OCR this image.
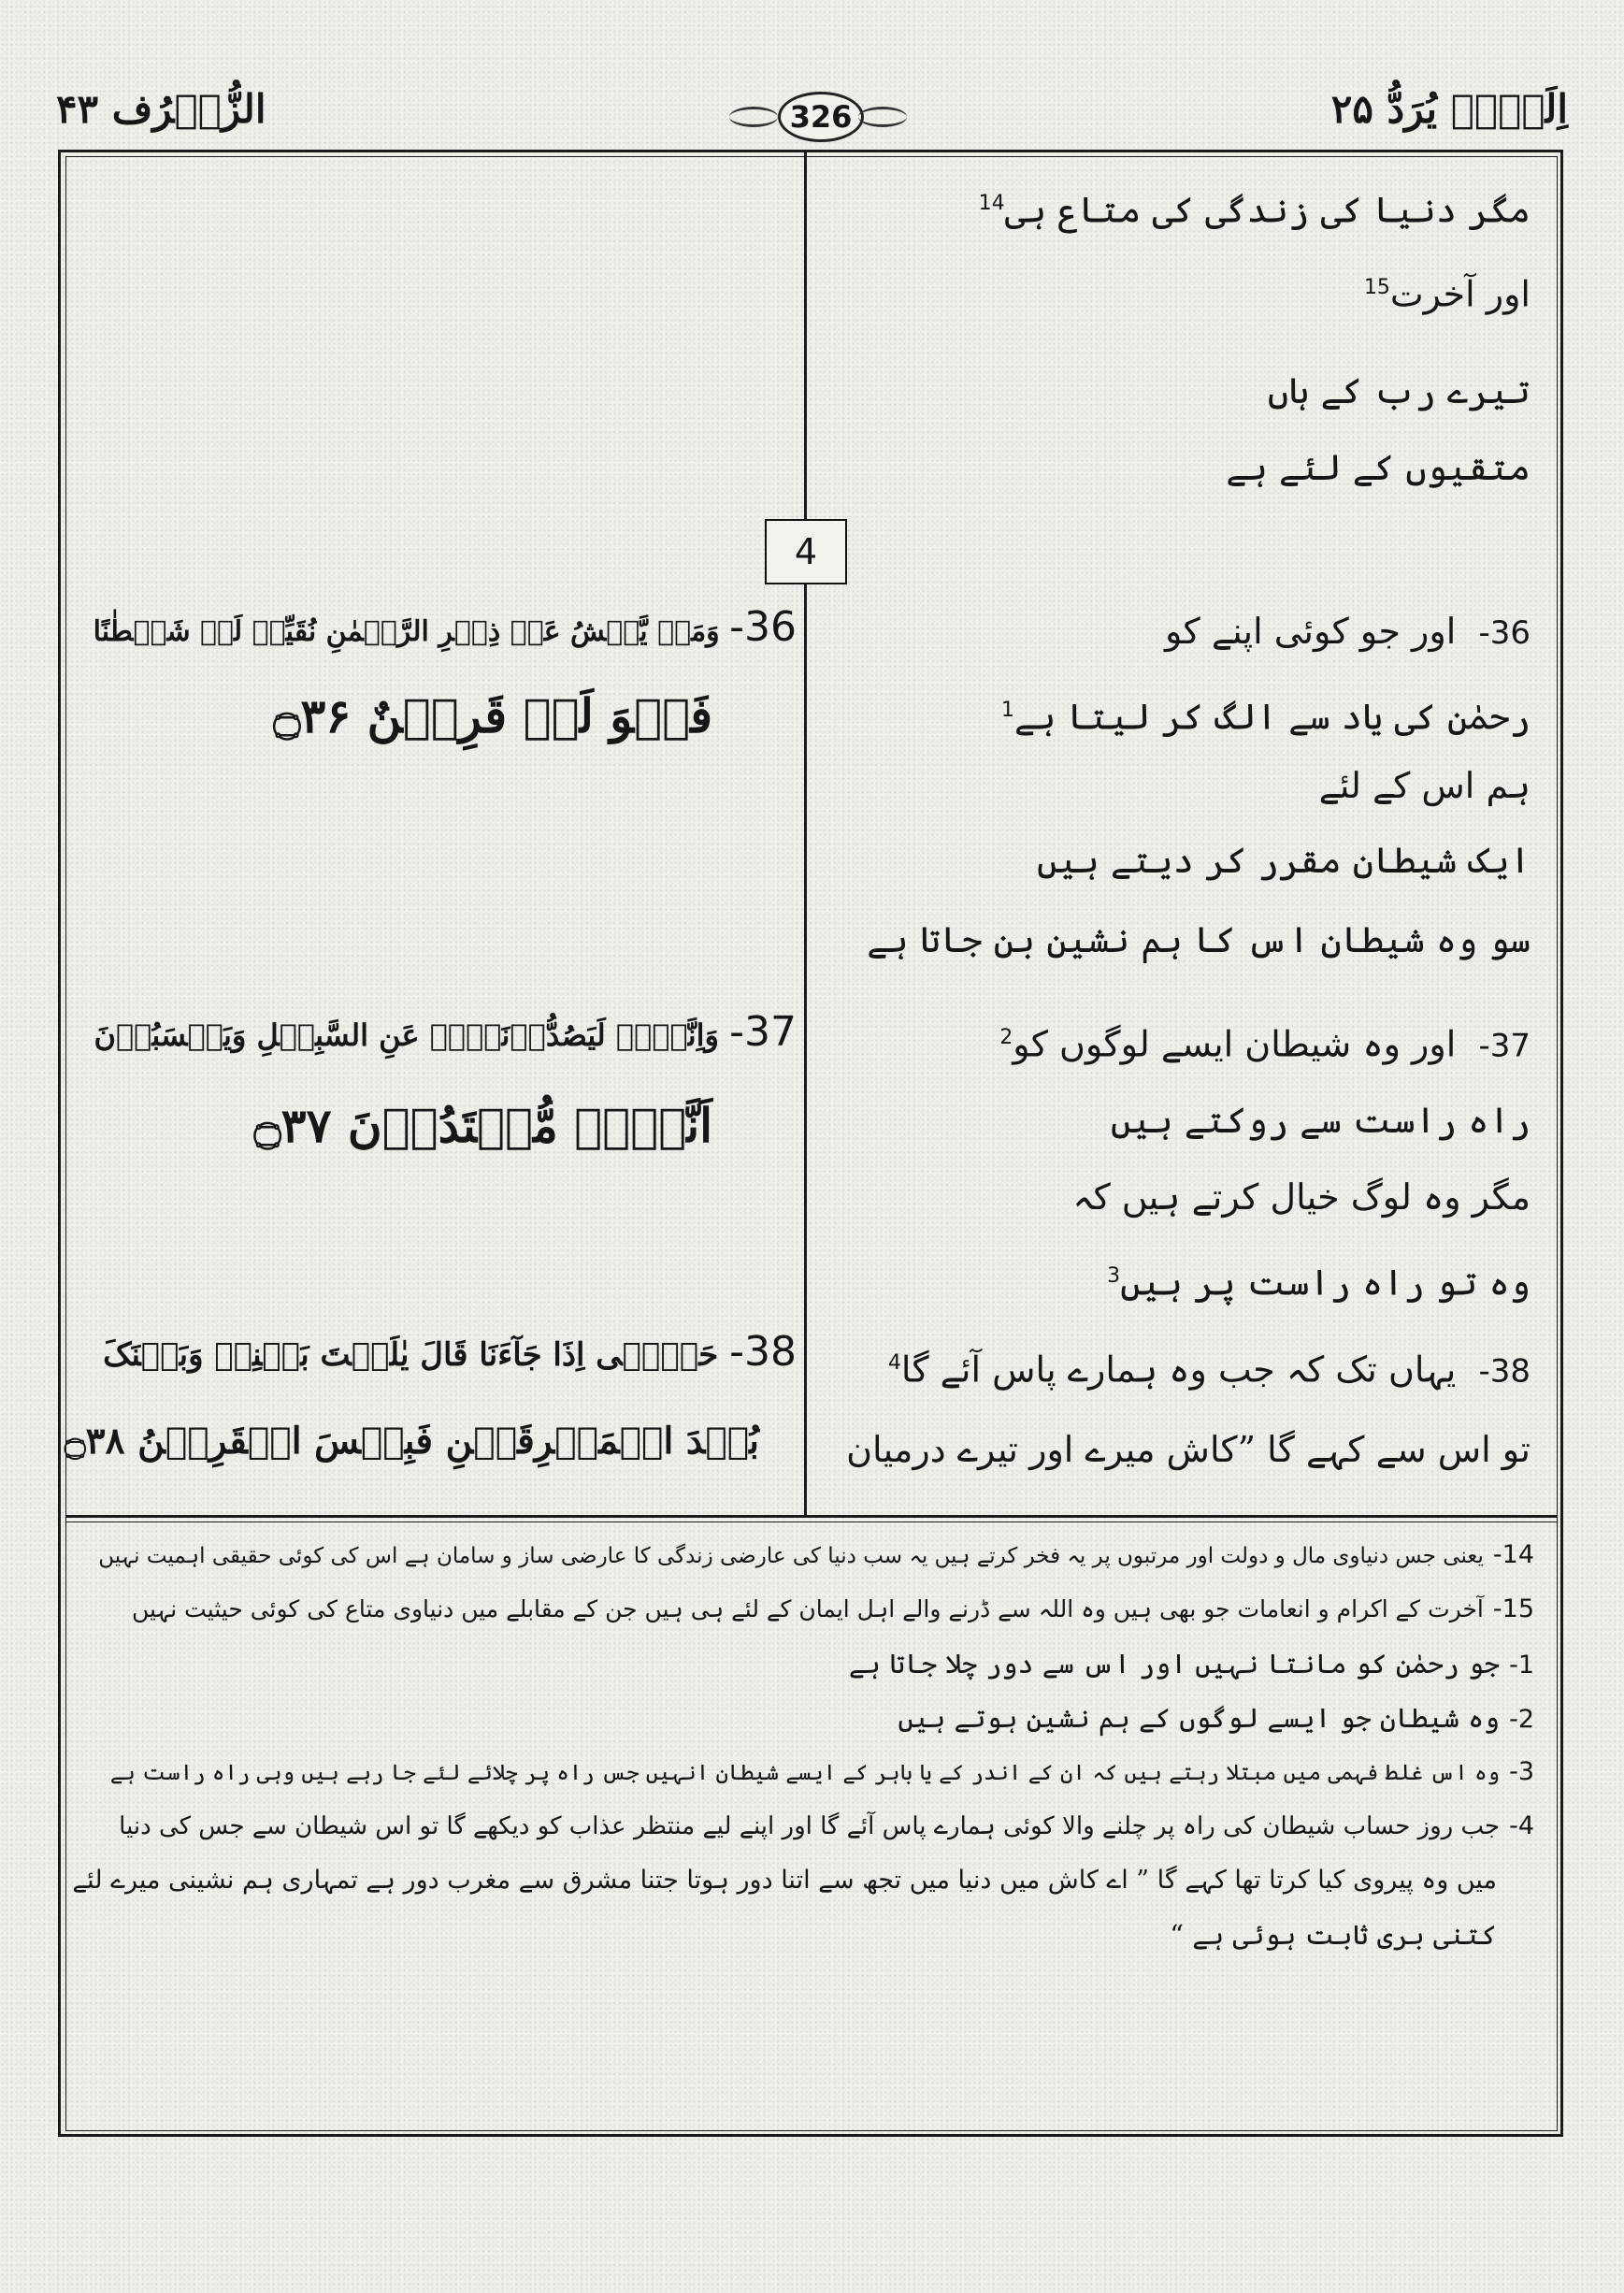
اِلَیۡہِ یُرَدُّ ۲۵
الزُّخۡرُف ۴۳	326
4
مگر دنیا کی زندگی کی متاع ہی$^{14}$
اور آخرت$^{15}$
تیرے رب کے ہاں
متقیوں کے لئے ہے
36-  اور جو کوئی اپنے کو
رحمٰن کی یاد سے الگ کر لیتا ہے$^1$
ہم اس کے لئے
ایک شیطان مقرر کر دیتے ہیں
سو وہ شیطان اس کا ہم نشین بن جاتا ہے
37-  اور وہ شیطان ایسے لوگوں کو$^2$
راہ راست سے روکتے ہیں
مگر وہ لوگ خیال کرتے ہیں کہ
وہ تو راہ راست پر ہیں$^3$
38-  یہاں تک کہ جب وہ ہمارے پاس آئے گا$^4$
تو اس سے کہے گا ”کاش میرے اور تیرے درمیان
36- وَمَنۡ یَّعۡشُ عَنۡ ذِکۡرِ الرَّحۡمٰنِ نُقَیِّضۡ لَہٗ شَیۡطٰنًا
فَہُوَ لَہٗ قَرِیۡنٌ ۝۳۶
37- وَاِنَّہُمۡ لَیَصُدُّوۡنَہُمۡ عَنِ السَّبِیۡلِ وَیَحۡسَبُوۡنَ
اَنَّہُمۡ مُّہۡتَدُوۡنَ ۝۳۷
38- حَتّٰۤی اِذَا جَآءَنَا قَالَ یٰلَیۡتَ بَیۡنِیۡ وَبَیۡنَکَ
بُعۡدَ الۡمَشۡرِقَیۡنِ فَبِئۡسَ الۡقَرِیۡنُ ۝۳۸
14-یعنی جس دنیاوی مال و دولت اور مرتبوں پر یہ فخر کرتے ہیں یہ سب دنیا کی عارضی زندگی کا عارضی ساز و سامان ہے اس کی کوئی حقیقی اہمیت نہیں
15-آخرت کے اکرام و انعامات جو بھی ہیں وہ اللہ سے ڈرنے والے اہل ایمان کے لئے ہی ہیں جن کے مقابلے میں دنیاوی متاع کی کوئی حیثیت نہیں
1-جو رحمٰن کو مانتا نہیں اور اس سے دور چلا جاتا ہے
2-وہ شیطان جو ایسے لوگوں کے ہم نشین ہوتے ہیں
3-وہ اس غلط فہمی میں مبتلا رہتے ہیں کہ ان کے اندر کے یا باہر کے ایسے شیطان انہیں جس راہ پر چلائے لئے جا رہے ہیں وہی راہ راست ہے
4-جب روز حساب شیطان کی راہ پر چلنے والا کوئی ہمارے پاس آئے گا اور اپنے لیے منتظر عذاب کو دیکھے گا تو اس شیطان سے جس کی دنیا
میں وہ پیروی کیا کرتا تھا کہے گا ” اے کاش میں دنیا میں تجھ سے اتنا دور ہوتا جتنا مشرق سے مغرب دور ہے تمہاری ہم نشینی میرے لئے
کتنی بری ثابت ہوئی ہے “
